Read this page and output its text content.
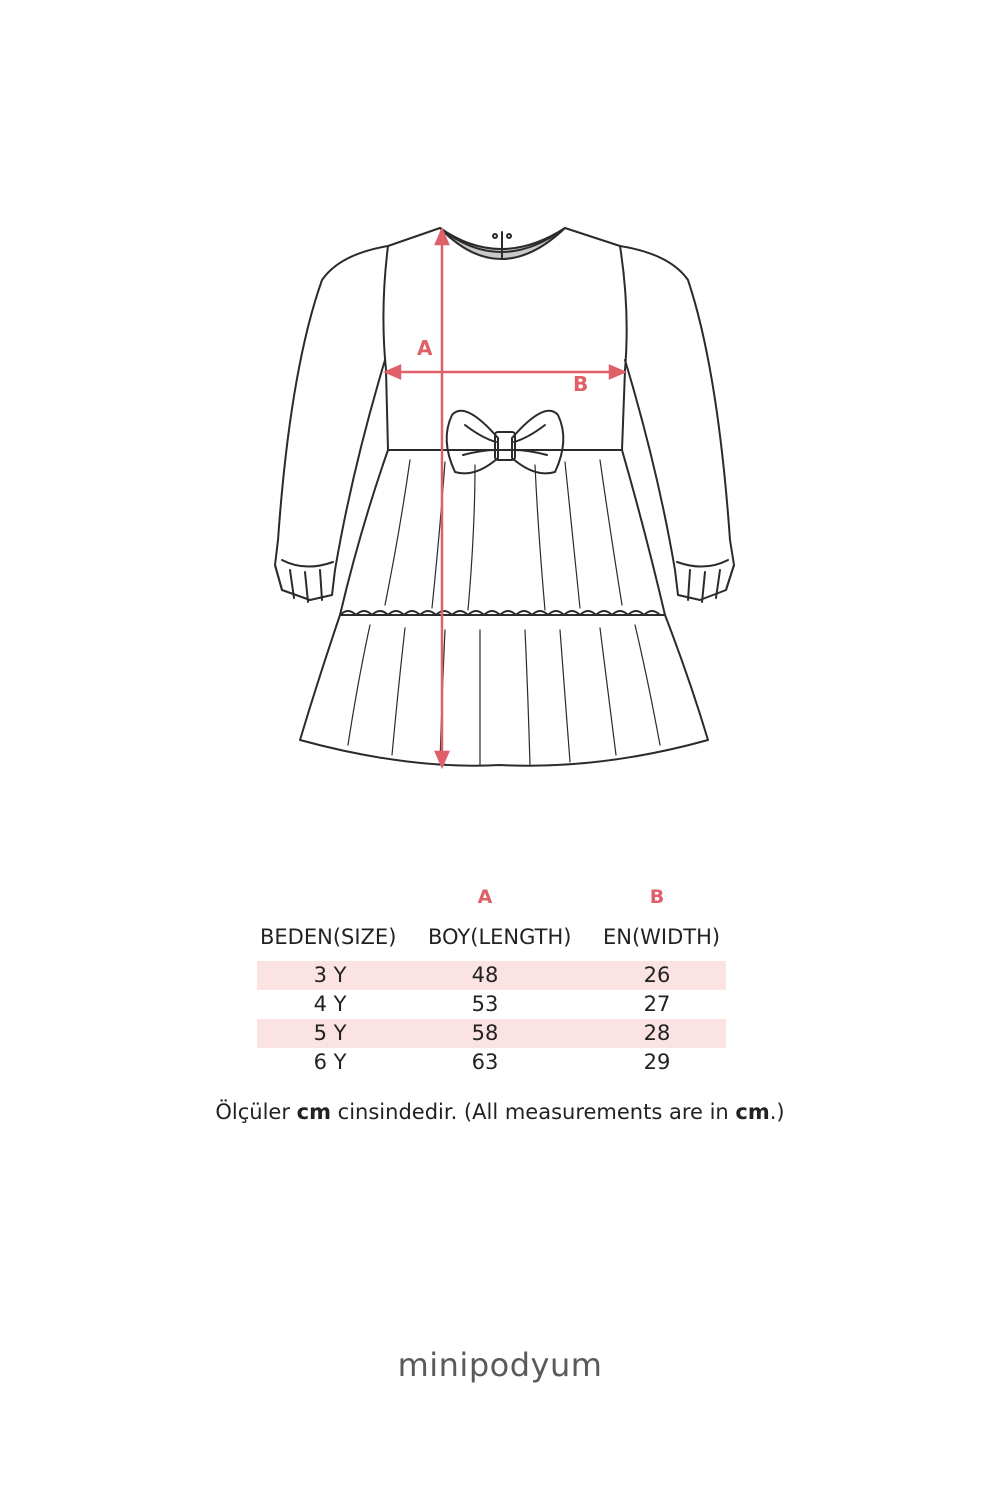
A
B
A	B
BEDEN(SIZE) BOY(LENGTH) EN(WIDTH)
3 Y	48	26
4 Y	53	27
5 Y	58	28
6 Y	63	29
Ölçüler cm cinsindedir. (All measurements are in cm.)
minipodyum
